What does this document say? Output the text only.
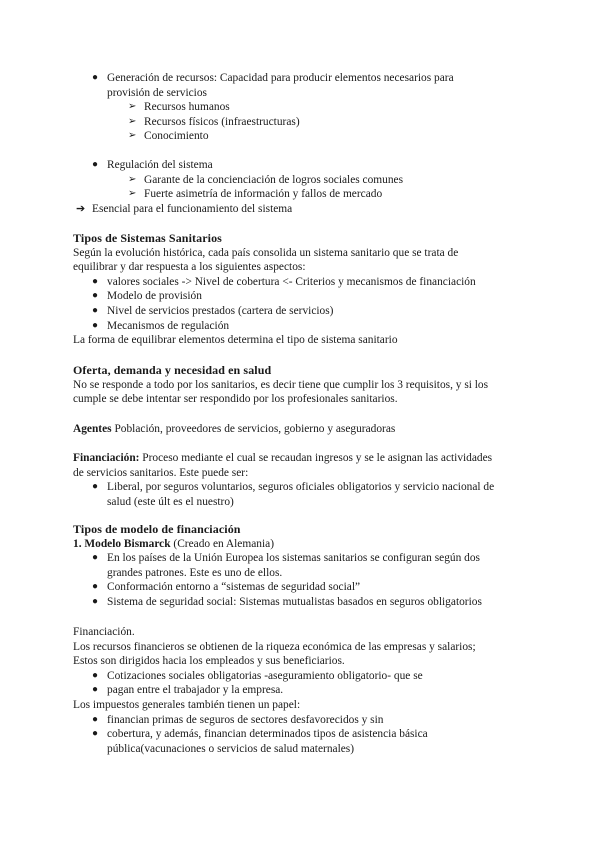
● Generación de recursos: Capacidad para producir elementos necesarios para
provisión de servicios
➢ Recursos humanos
➢ Recursos físicos (infraestructuras)
➢ Conocimiento
● Regulación del sistema
➢ Garante de la concienciación de logros sociales comunes
➢ Fuerte asimetría de información y fallos de mercado
➔ Esencial para el funcionamiento del sistema
Tipos de Sistemas Sanitarios
Según la evolución histórica, cada país consolida un sistema sanitario que se trata de
equilibrar y dar respuesta a los siguientes aspectos:
● valores sociales -> Nivel de cobertura <- Criterios y mecanismos de financiación
● Modelo de provisión
● Nivel de servicios prestados (cartera de servicios)
● Mecanismos de regulación
La forma de equilibrar elementos determina el tipo de sistema sanitario
Oferta, demanda y necesidad en salud
No se responde a todo por los sanitarios, es decir tiene que cumplir los 3 requisitos, y si los
cumple se debe intentar ser respondido por los profesionales sanitarios.
Agentes Población, proveedores de servicios, gobierno y aseguradoras
Financiación: Proceso mediante el cual se recaudan ingresos y se le asignan las actividades
de servicios sanitarios. Este puede ser:
● Liberal, por seguros voluntarios, seguros oficiales obligatorios y servicio nacional de
salud (este últ es el nuestro)
Tipos de modelo de financiación
1. Modelo Bismarck (Creado en Alemania)
● En los países de la Unión Europea los sistemas sanitarios se configuran según dos
grandes patrones. Este es uno de ellos.
● Conformación entorno a “sistemas de seguridad social”
● Sistema de seguridad social: Sistemas mutualistas basados en seguros obligatorios
Financiación.
Los recursos financieros se obtienen de la riqueza económica de las empresas y salarios;
Estos son dirigidos hacia los empleados y sus beneficiarios.
● Cotizaciones sociales obligatorias -aseguramiento obligatorio- que se
● pagan entre el trabajador y la empresa.
Los impuestos generales también tienen un papel:
● financian primas de seguros de sectores desfavorecidos y sin
● cobertura, y además, financian determinados tipos de asistencia básica
pública(vacunaciones o servicios de salud maternales)
